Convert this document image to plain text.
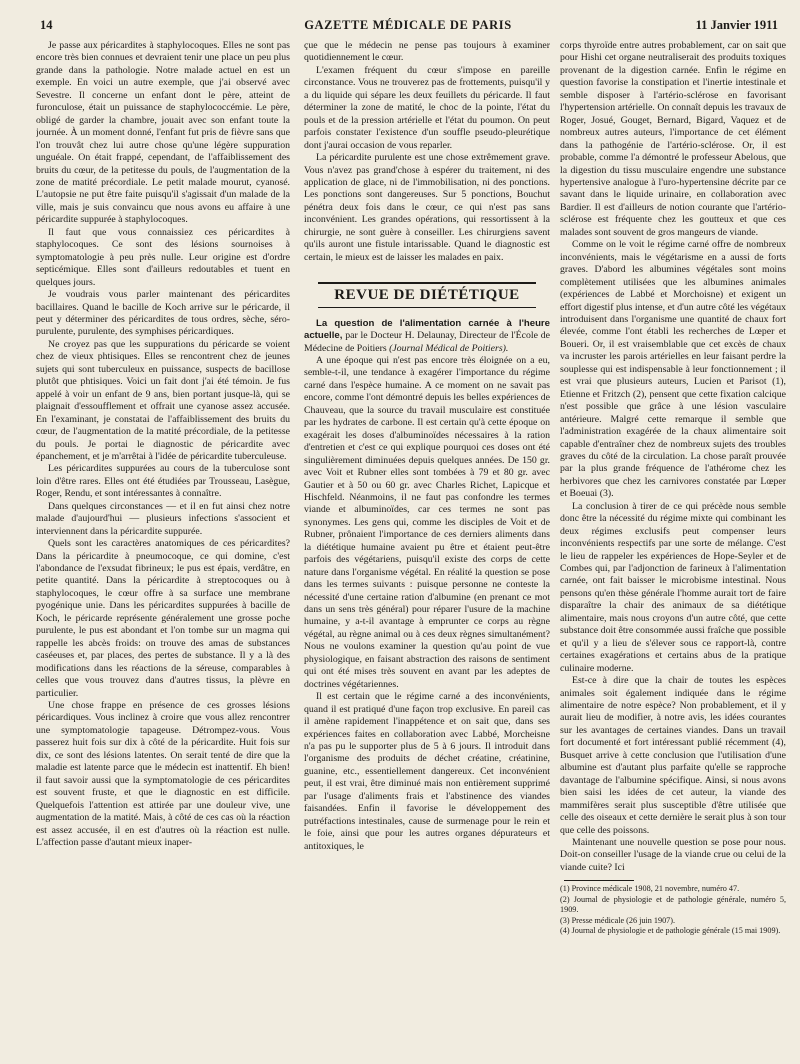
14	GAZETTE MÉDICALE DE PARIS	11 Janvier 1911

Je passe aux péricardites à staphylocoques. Elles ne sont pas encore très bien connues et devraient tenir une place un peu plus grande dans la pathologie. Notre malade actuel en est un exemple. En voici un autre exemple, que j'ai observé avec Sevestre. Il concerne un enfant dont le père, atteint de furonculose, était un puissance de staphylococcémie. Le père, obligé de garder la chambre, jouait avec son enfant toute la journée. À un moment donné, l'enfant fut pris de fièvre sans que l'on trouvât chez lui autre chose qu'une légère suppuration unguéale. On était frappé, cependant, de l'affaiblissement des bruits du cœur, de la petitesse du pouls, de l'augmentation de la zone de matité précordiale. Le petit malade mourut, cyanosé. L'autopsie ne put être faite puisqu'il s'agissait d'un malade de la ville, mais je suis convaincu que nous avons eu affaire à une péricardite suppurée à staphylocoques.

Il faut que vous connaissiez ces péricardites à staphylocoques. Ce sont des lésions sournoises à symptomatologie à peu près nulle. Leur origine est d'ordre septicémique. Elles sont d'ailleurs redoutables et tuent en quelques jours.

Je voudrais vous parler maintenant des péricardites bacillaires. Quand le bacille de Koch arrive sur le péricarde, il peut y déterminer des péricardites de tous ordres, sèche, séro-purulente, purulente, des symphises péricardiques.

Ne croyez pas que les suppurations du péricarde se voient chez de vieux phtisiques. Elles se rencontrent chez de jeunes sujets qui sont tuberculeux en puissance, suspects de bacillose plutôt que phtisiques. Voici un fait dont j'ai été témoin. Je fus appelé à voir un enfant de 9 ans, bien portant jusque-là, qui se plaignait d'essoufflement et offrait une cyanose assez accusée. En l'examinant, je constatai de l'affaiblissement des bruits du cœur, de l'augmentation de la matité précordiale, de la petitesse du pouls. Je portai le diagnostic de péricardite avec épanchement, et je m'arrêtai à l'idée de péricardite tuberculeuse.

Les péricardites suppurées au cours de la tuberculose sont loin d'être rares. Elles ont été étudiées par Trousseau, Lasègue, Roger, Rendu, et sont intéressantes à connaître.

Dans quelques circonstances — et il en fut ainsi chez notre malade d'aujourd'hui — plusieurs infections s'associent et interviennent dans la péricardite suppurée.

Quels sont les caractères anatomiques de ces péricardites? Dans la péricardite à pneumocoque, ce qui domine, c'est l'abondance de l'exsudat fibrineux; le pus est épais, verdâtre, en petite quantité. Dans la péricardite à streptocoques ou à staphylocoques, le cœur offre à sa surface une membrane pyogénique unie. Dans les péricardites suppurées à bacille de Koch, le péricarde représente généralement une grosse poche purulente, le pus est abondant et l'on tombe sur un magma qui rappelle les abcès froids: on trouve des amas de substances caséeuses et, par places, des pertes de substance. Il y a là des modifications dans les réactions de la séreuse, comparables à celles que vous trouvez dans d'autres tissus, la plèvre en particulier.

Une chose frappe en présence de ces grosses lésions péricardiques. Vous inclinez à croire que vous allez rencontrer une symptomatologie tapageuse. Détrompez-vous. Vous passerez huit fois sur dix à côté de la péricardite. Huit fois sur dix, ce sont des lésions latentes. On serait tenté de dire que la maladie est latente parce que le médecin est inattentif. Eh bien! il faut savoir aussi que la symptomatologie de ces péricardites est souvent fruste, et que le diagnostic en est difficile. Quelquefois l'attention est attirée par une douleur vive, une augmentation de la matité. Mais, à côté de ces cas où la réaction est assez accusée, il en est d'autres où la réaction est nulle. L'affection passe d'autant mieux inaper-

çue que le médecin ne pense pas toujours à examiner quotidiennement le cœur.

L'examen fréquent du cœur s'impose en pareille circonstance. Vous ne trouverez pas de frottements, puisqu'il y a du liquide qui sépare les deux feuillets du péricarde. Il faut déterminer la zone de matité, le choc de la pointe, l'état du pouls et de la pression artérielle et l'état du poumon. On peut parfois constater l'existence d'un souffle pseudo-pleurétique dont j'aurai occasion de vous reparler.

La péricardite purulente est une chose extrêmement grave. Vous n'avez pas grand'chose à espérer du traitement, ni des application de glace, ni de l'immobilisation, ni des ponctions. Les ponctions sont dangereuses. Sur 5 ponctions, Bouchut pénétra deux fois dans le cœur, ce qui n'est pas sans inconvénient. Les grandes opérations, qui ressortissent à la chirurgie, ne sont guère à conseiller. Les chirurgiens savent qu'ils auront une fistule intarissable. Quand le diagnostic est certain, le mieux est de laisser les malades en paix.

REVUE DE DIÉTÉTIQUE

La question de l'alimentation carnée à l'heure actuelle, par le Docteur H. Delaunay, Directeur de l'École de Médecine de Poitiers (Journal Médical de Poitiers).

A une époque qui n'est pas encore très éloignée on a eu, semble-t-il, une tendance à exagérer l'importance du régime carné dans l'espèce humaine. A ce moment on ne savait pas encore, comme l'ont démontré depuis les belles expériences de Chauveau, que la source du travail musculaire est constituée par les hydrates de carbone. Il est certain qu'à cette époque on exagérait les doses d'albuminoïdes nécessaires à la ration d'entretien et c'est ce qui explique pourquoi ces doses ont été singulièrement diminuées depuis quelques années. De 150 gr. avec Voit et Rubner elles sont tombées à 79 et 80 gr. avec Gautier et à 50 ou 60 gr. avec Charles Richet, Lapicque et Hischfeld. Néanmoins, il ne faut pas confondre les termes viande et albuminoïdes, car ces termes ne sont pas synonymes. Les gens qui, comme les disciples de Voit et de Rubner, prônaient l'importance de ces derniers aliments dans la diététique humaine avaient pu être et étaient peut-être parfois des végétariens, puisqu'il existe des corps de cette nature dans l'organisme végétal. En réalité la question se pose dans les termes suivants : puisque personne ne conteste la nécessité d'une certaine ration d'albumine (en prenant ce mot dans un sens très général) pour réparer l'usure de la machine humaine, y a-t-il avantage à emprunter ce corps au règne végétal, au règne animal ou à ces deux règnes simultanément? Nous ne voulons examiner la question qu'au point de vue physiologique, en faisant abstraction des raisons de sentiment qui ont été mises très souvent en avant par les adeptes de doctrines végétariennes.

Il est certain que le régime carné a des inconvénients, quand il est pratiqué d'une façon trop exclusive. En pareil cas il amène rapidement l'inappétence et on sait que, dans ses expériences faites en collaboration avec Labbé, Morcheisne n'a pas pu le supporter plus de 5 à 6 jours. Il introduit dans l'organisme des produits de déchet créatine, créatinine, guanine, etc., essentiellement dangereux. Cet inconvénient peut, il est vrai, être diminué mais non entièrement supprimé par l'usage d'aliments frais et l'abstinence des viandes faisandées. Enfin il favorise le développement des putréfactions intestinales, cause de surmenage pour le rein et le foie, ainsi que pour les autres organes dépurateurs et antitoxiques, le

corps thyroïde entre autres probablement, car on sait que pour Hishi cet organe neutraliserait des produits toxiques provenant de la digestion carnée. Enfin le régime en question favorise la constipation et l'inertie intestinale et semble disposer à l'artério-sclérose en favorisant l'hypertension artérielle. On connaît depuis les travaux de Roger, Josué, Gouget, Bernard, Bigard, Vaquez et de nombreux autres auteurs, l'importance de cet élément dans la pathogénie de l'artério-sclérose. Or, il est probable, comme l'a démontré le professeur Abelous, que la digestion du tissu musculaire engendre une substance hypertensive analogue à l'uro-hypertensine décrite par ce savant dans le liquide urinaire, en collaboration avec Bardier. Il est d'ailleurs de notion courante que l'artério-sclérose est fréquente chez les goutteux et que ces malades sont souvent de gros mangeurs de viande.

Comme on le voit le régime carné offre de nombreux inconvénients, mais le végétarisme en a aussi de forts graves. D'abord les albumines végétales sont moins complètement utilisées que les albumines animales (expériences de Labbé et Morchoisne) et exigent un effort digestif plus intense, et d'un autre côté les végétaux introduisent dans l'organisme une quantité de chaux fort élevée, comme l'ont établi les recherches de Lœper et Boueri. Or, il est vraisemblable que cet excès de chaux va incruster les parois artérielles en leur faisant perdre la souplesse qui est indispensable à leur fonctionnement ; il est vrai que plusieurs auteurs, Lucien et Parisot (1), Etienne et Fritzch (2), pensent que cette fixation calcique n'est possible que grâce à une lésion vasculaire antérieure. Malgré cette remarque il semble que l'administration exagérée de la chaux alimentaire soit capable d'entraîner chez de nombreux sujets des troubles graves du côté de la circulation. La chose paraît prouvée par la plus grande fréquence de l'athérome chez les herbivores que chez les carnivores constatée par Lœper et Boeuai (3).

La conclusion à tirer de ce qui précède nous semble donc être la nécessité du régime mixte qui combinant les deux régimes exclusifs peut compenser leurs inconvénients respectifs par une sorte de mélange. C'est le lieu de rappeler les expériences de Hope-Seyler et de Combes qui, par l'adjonction de farineux à l'alimentation carnée, ont fait baisser le microbisme intestinal. Nous pensons qu'en thèse générale l'homme aurait tort de faire disparaître la chair des animaux de sa diététique alimentaire, mais nous croyons d'un autre côté, que cette substance doit être consommée aussi fraîche que possible et qu'il y a lieu de s'élever sous ce rapport-là, contre certaines exagérations et certains abus de la pratique culinaire moderne.

Est-ce à dire que la chair de toutes les espèces animales soit également indiquée dans le régime alimentaire de notre espèce? Non probablement, et il y aurait lieu de modifier, à notre avis, les idées courantes sur les avantages de certaines viandes. Dans un travail fort documenté et fort intéressant publié récemment (4), Busquet arrive à cette conclusion que l'utilisation d'une albumine est d'autant plus parfaite qu'elle se rapproche davantage de l'albumine spécifique. Ainsi, si nous avons bien saisi les idées de cet auteur, la viande des mammifères serait plus susceptible d'être utilisée que celle des oiseaux et cette dernière le serait plus à son tour que celle des poissons.

Maintenant une nouvelle question se pose pour nous. Doit-on conseiller l'usage de la viande crue ou celui de la viande cuite? Ici

(1) Province médicale 1908, 21 novembre, numéro 47.

(2) Journal de physiologie et de pathologie générale, numéro 5, 1909.

(3) Presse médicale (26 juin 1907).

(4) Journal de physiologie et de pathologie générale (15 mai 1909).
